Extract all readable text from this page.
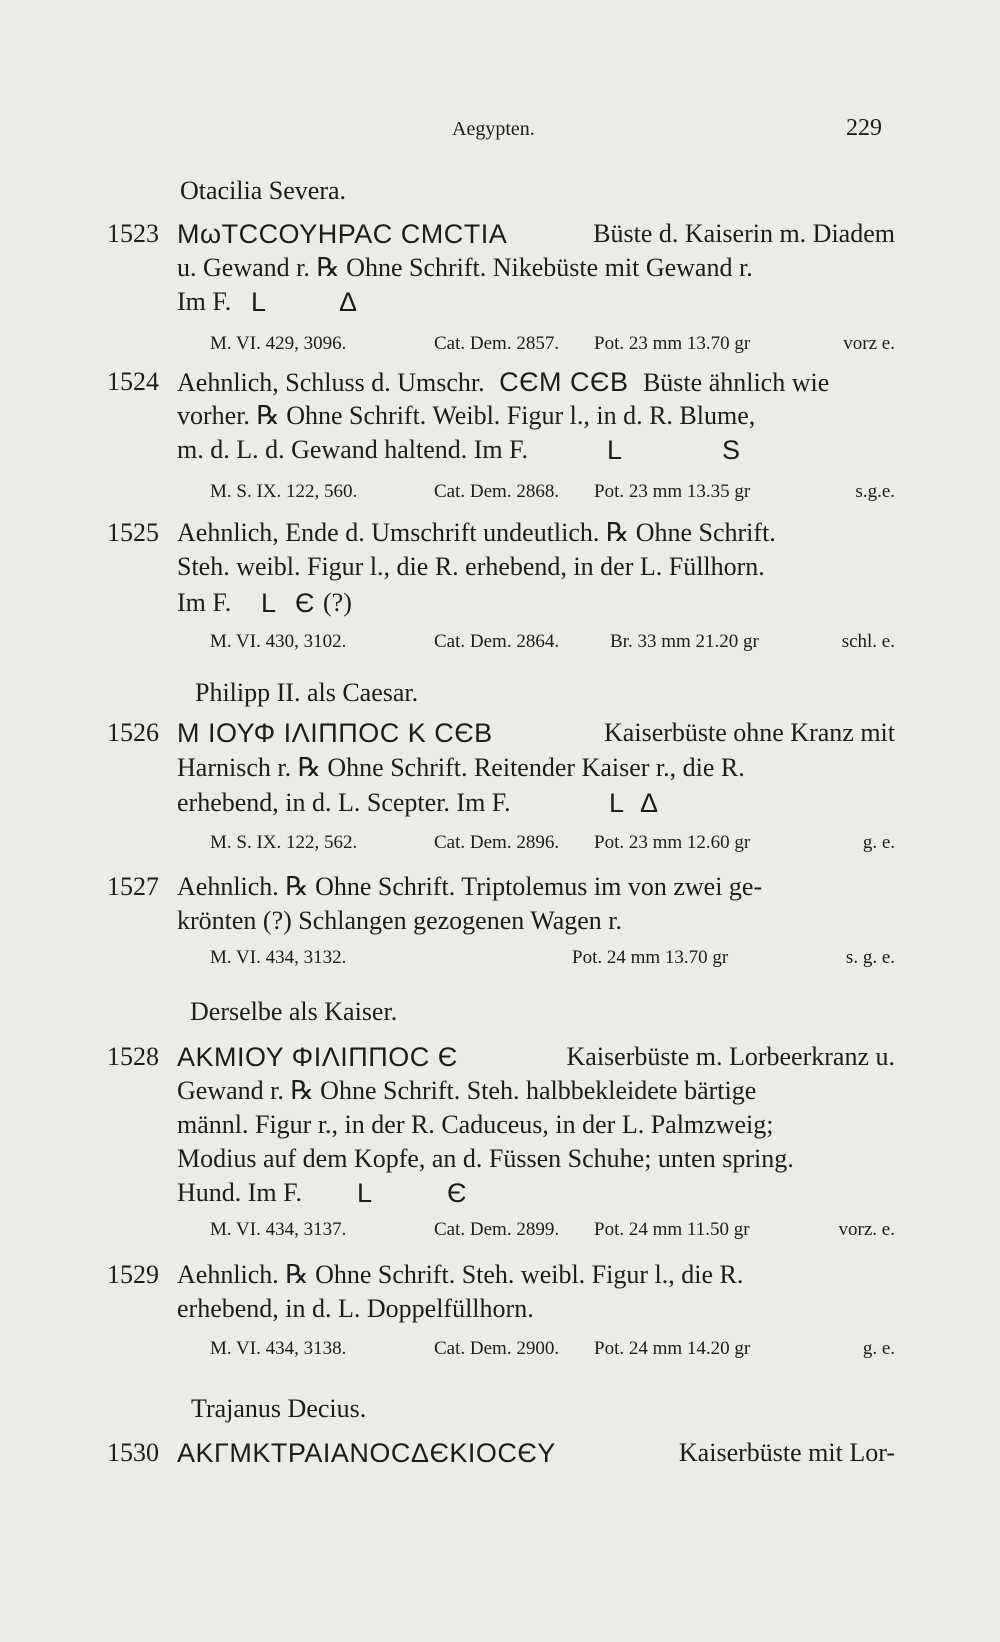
Aegypten.	229
Otacilia Severa.
1523 ΜωΤCCΟΥΗΡΑC CΜCΤΙΑ	Büste d. Kaiserin m. Diadem
u. Gewand r. ℞ Ohne Schrift. Nikebüste mit Gewand r.
Im F. L	Δ
M. VI. 429, 3096.	Cat. Dem. 2857. Pot. 23 mm 13.70 gr	vorz e.
1524 Aehnlich, Schluss d. Umschr. CЄΜ CЄΒ Büste ähnlich wie
vorher. ℞ Ohne Schrift. Weibl. Figur l., in d. R. Blume,
m. d. L. d. Gewand haltend. Im F.	L	S
M. S. IX. 122, 560.	Cat. Dem. 2868. Pot. 23 mm 13.35 gr	s.g.e.
1525 Aehnlich, Ende d. Umschrift undeutlich. ℞ Ohne Schrift.
Steh. weibl. Figur l., die R. erhebend, in der L. Füllhorn.
Im F. L Є (?)
M. VI. 430, 3102.	Cat. Dem. 2864.	Br. 33 mm 21.20 gr	schl. e.
Philipp II. als Caesar.
1526 Μ ΙΟΥΦ ΙΛΙΠΠΟC Κ CЄΒ	Kaiserbüste ohne Kranz mit
Harnisch r. ℞ Ohne Schrift. Reitender Kaiser r., die R.
erhebend, in d. L. Scepter. Im F.	L Δ
M. S. IX. 122, 562.	Cat. Dem. 2896. Pot. 23 mm 12.60 gr	g. e.
1527 Aehnlich. ℞ Ohne Schrift. Triptolemus im von zwei ge-
krönten (?) Schlangen gezogenen Wagen r.
M. VI. 434, 3132.	Pot. 24 mm 13.70 gr	s. g. e.
Derselbe als Kaiser.
1528 ΑΚΜΙΟΥ ΦΙΛΙΠΠΟC Є	Kaiserbüste m. Lorbeerkranz u.
Gewand r. ℞ Ohne Schrift. Steh. halbbekleidete bärtige
männl. Figur r., in der R. Caduceus, in der L. Palmzweig;
Modius auf dem Kopfe, an d. Füssen Schuhe; unten spring.
Hund. Im F. L	Є
M. VI. 434, 3137.	Cat. Dem. 2899. Pot. 24 mm 11.50 gr	vorz. e.
1529 Aehnlich. ℞ Ohne Schrift. Steh. weibl. Figur l., die R.
erhebend, in d. L. Doppelfüllhorn.
M. VI. 434, 3138.	Cat. Dem. 2900. Pot. 24 mm 14.20 gr	g. e.
Trajanus Decius.
1530 ΑΚΓΜΚΤΡΑΙΑΝΟCΔЄΚΙΟCЄΥ	Kaiserbüste mit Lor-
